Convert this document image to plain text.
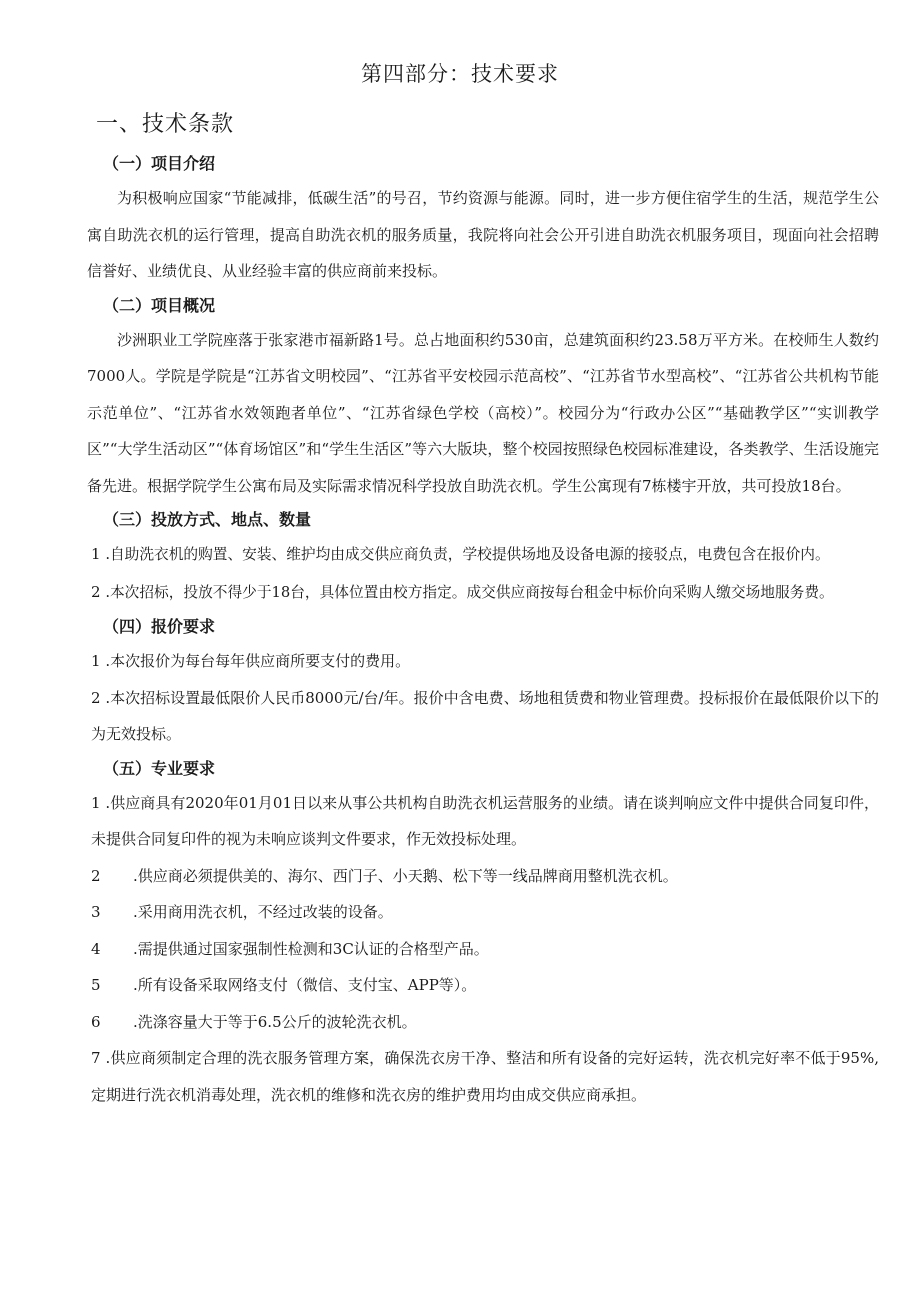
第四部分：技术要求
一、技术条款
（一）项目介绍

为积极响应国家“节能减排，低碳生活”的号召，节约资源与能源。同时，进一步方便住宿学生的生活，规范学生公寓自助洗衣机的运行管理，提高自助洗衣机的服务质量，我院将向社会公开引进自助洗衣机服务项目，现面向社会招聘信誉好、业绩优良、从业经验丰富的供应商前来投标。

（二）项目概况

沙洲职业工学院座落于张家港市福新路1号。总占地面积约530亩，总建筑面积约23.58万平方米。在校师生人数约7000人。学院是学院是“江苏省文明校园”、“江苏省平安校园示范高校”、“江苏省节水型高校”、“江苏省公共机构节能示范单位”、“江苏省水效领跑者单位”、“江苏省绿色学校（高校）”。校园分为“行政办公区”“基础教学区”“实训教学区”“大学生活动区”“体育场馆区”和“学生生活区”等六大版块，整个校园按照绿色校园标准建设，各类教学、生活设施完备先进。根据学院学生公寓布局及实际需求情况科学投放自助洗衣机。学生公寓现有7栋楼宇开放，共可投放18台。

（三）投放方式、地点、数量
1 .自助洗衣机的购置、安装、维护均由成交供应商负责，学校提供场地及设备电源的接驳点，电费包含在报价内。
2 .本次招标，投放不得少于18台，具体位置由校方指定。成交供应商按每台租金中标价向采购人缴交场地服务费。
（四）报价要求
1 .本次报价为每台每年供应商所要支付的费用。
2 .本次招标设置最低限价人民币8000元/台/年。报价中含电费、场地租赁费和物业管理费。投标报价在最低限价以下的为无效投标。
（五）专业要求
1 .供应商具有2020年01月01日以来从事公共机构自助洗衣机运营服务的业绩。请在谈判响应文件中提供合同复印件，未提供合同复印件的视为未响应谈判文件要求，作无效投标处理。
2 .供应商必须提供美的、海尔、西门子、小天鹅、松下等一线品牌商用整机洗衣机。
3 .采用商用洗衣机，不经过改装的设备。
4 .需提供通过国家强制性检测和3C认证的合格型产品。
5 .所有设备采取网络支付（微信、支付宝、APP等）。
6 .洗涤容量大于等于6.5公斤的波轮洗衣机。
7 .供应商须制定合理的洗衣服务管理方案，确保洗衣房干净、整洁和所有设备的完好运转，洗衣机完好率不低于95%,定期进行洗衣机消毒处理，洗衣机的维修和洗衣房的维护费用均由成交供应商承担。
